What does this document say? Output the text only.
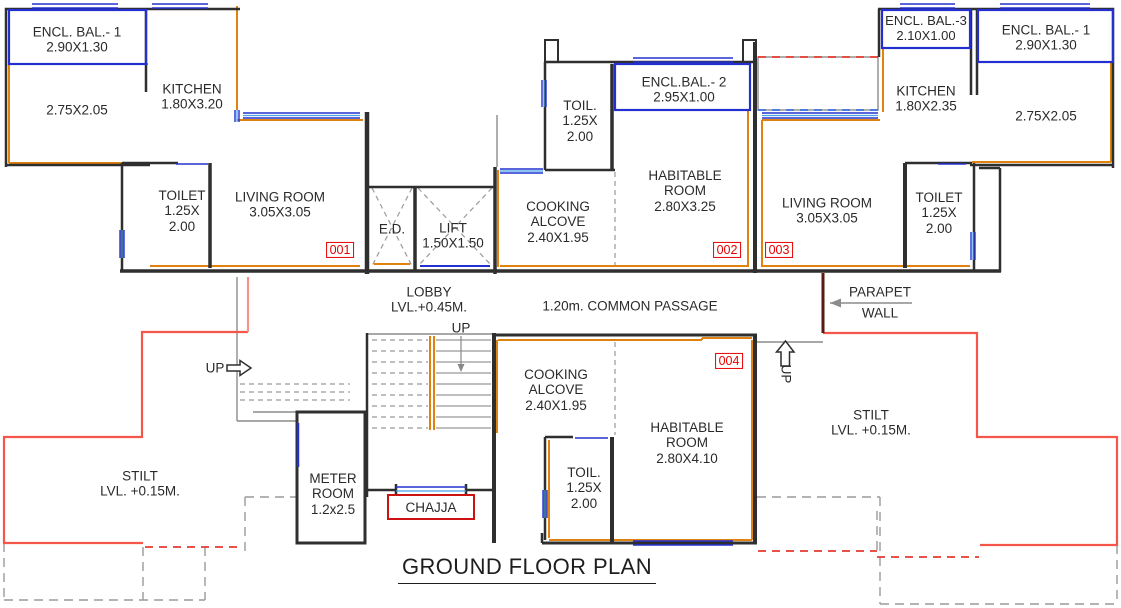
ENCL. BAL.- 1
2.90X1.30
2.75X2.05
KITCHEN
1.80X3.20
TOILET
1.25X
2.00
LIVING ROOM
3.05X3.05
E.D.	LIFT
1.50X1.50
COOKING
ALCOVE
2.40X1.95
TOIL.
1.25X
2.00
ENCL.BAL.- 2
2.95X1.00
HABITABLE
ROOM
2.80X3.25	LIVING ROOM
3.05X3.05
TOILET
1.25X
2.00
KITCHEN
1.80X2.35
ENCL. BAL.-3
2.10X1.00	ENCL. BAL.- 1
2.90X1.30
2.75X2.05
LOBBY
LVL.+0.45M.	1.20m. COMMON PASSAGE
PARAPET
WALL
UP
UP
UP
COOKING
ALCOVE
2.40X1.95
HABITABLE
ROOM
2.80X4.10
TOIL.
1.25X
2.00
METER
ROOM
1.2x2.5	CHAJJA
STILT
LVL. +0.15M.
STILT
LVL. +0.15M.
001	002 003
004
GROUND FLOOR PLAN
